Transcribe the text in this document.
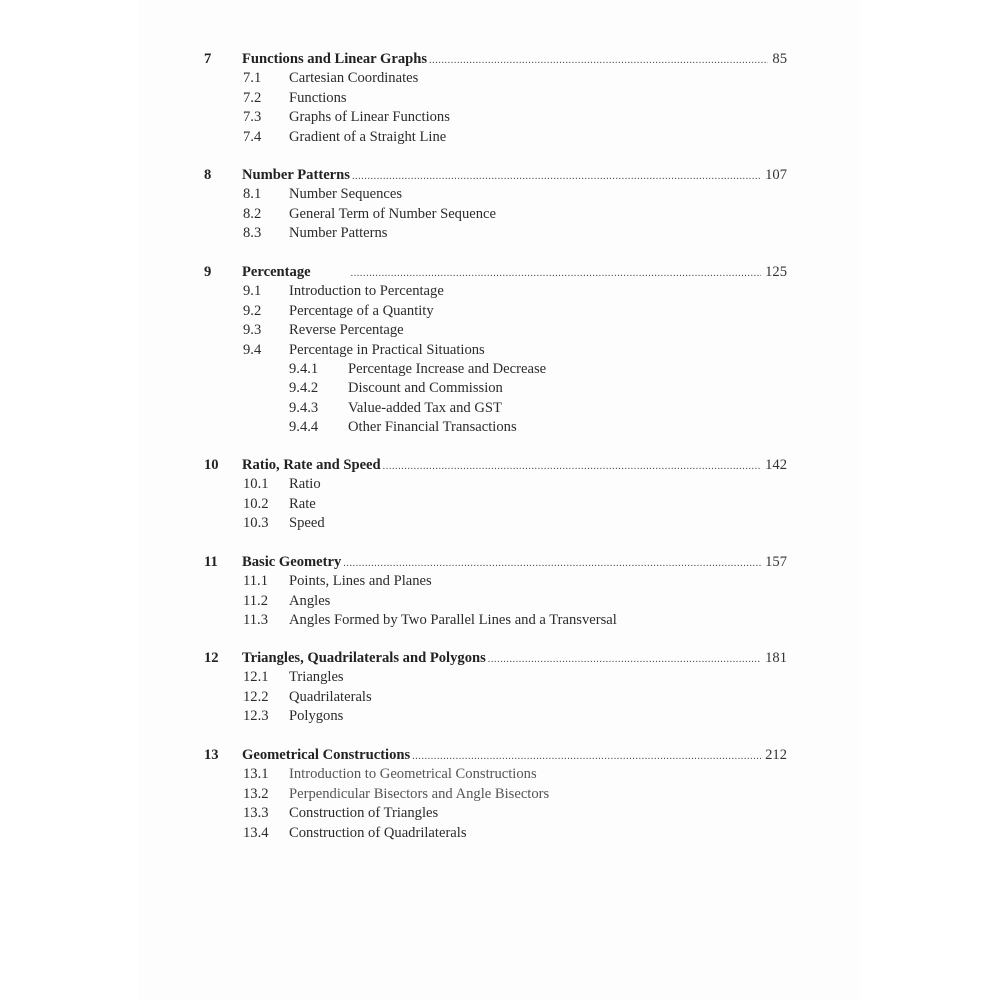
7 Functions and Linear Graphs .....	85
7.1 Cartesian Coordinates
7.2 Functions
7.3 Graphs of Linear Functions
7.4 Gradient of a Straight Line
8 Number Patterns .....	107
8.1 Number Sequences
8.2 General Term of Number Sequence
8.3 Number Patterns
9 Percentage .....	125
9.1 Introduction to Percentage
9.2 Percentage of a Quantity
9.3 Reverse Percentage
9.4 Percentage in Practical Situations
9.4.1 Percentage Increase and Decrease
9.4.2 Discount and Commission
9.4.3 Value-added Tax and GST
9.4.4 Other Financial Transactions
10 Ratio, Rate and Speed .....	142
10.1 Ratio
10.2 Rate
10.3 Speed
11 Basic Geometry .....	157
11.1 Points, Lines and Planes
11.2 Angles
11.3 Angles Formed by Two Parallel Lines and a Transversal
12 Triangles, Quadrilaterals and Polygons .....	181
12.1 Triangles
12.2 Quadrilaterals
12.3 Polygons
13 Geometrical Constructions .....	212
13.1 Introduction to Geometrical Constructions
13.2 Perpendicular Bisectors and Angle Bisectors
13.3 Construction of Triangles
13.4 Construction of Quadrilaterals
